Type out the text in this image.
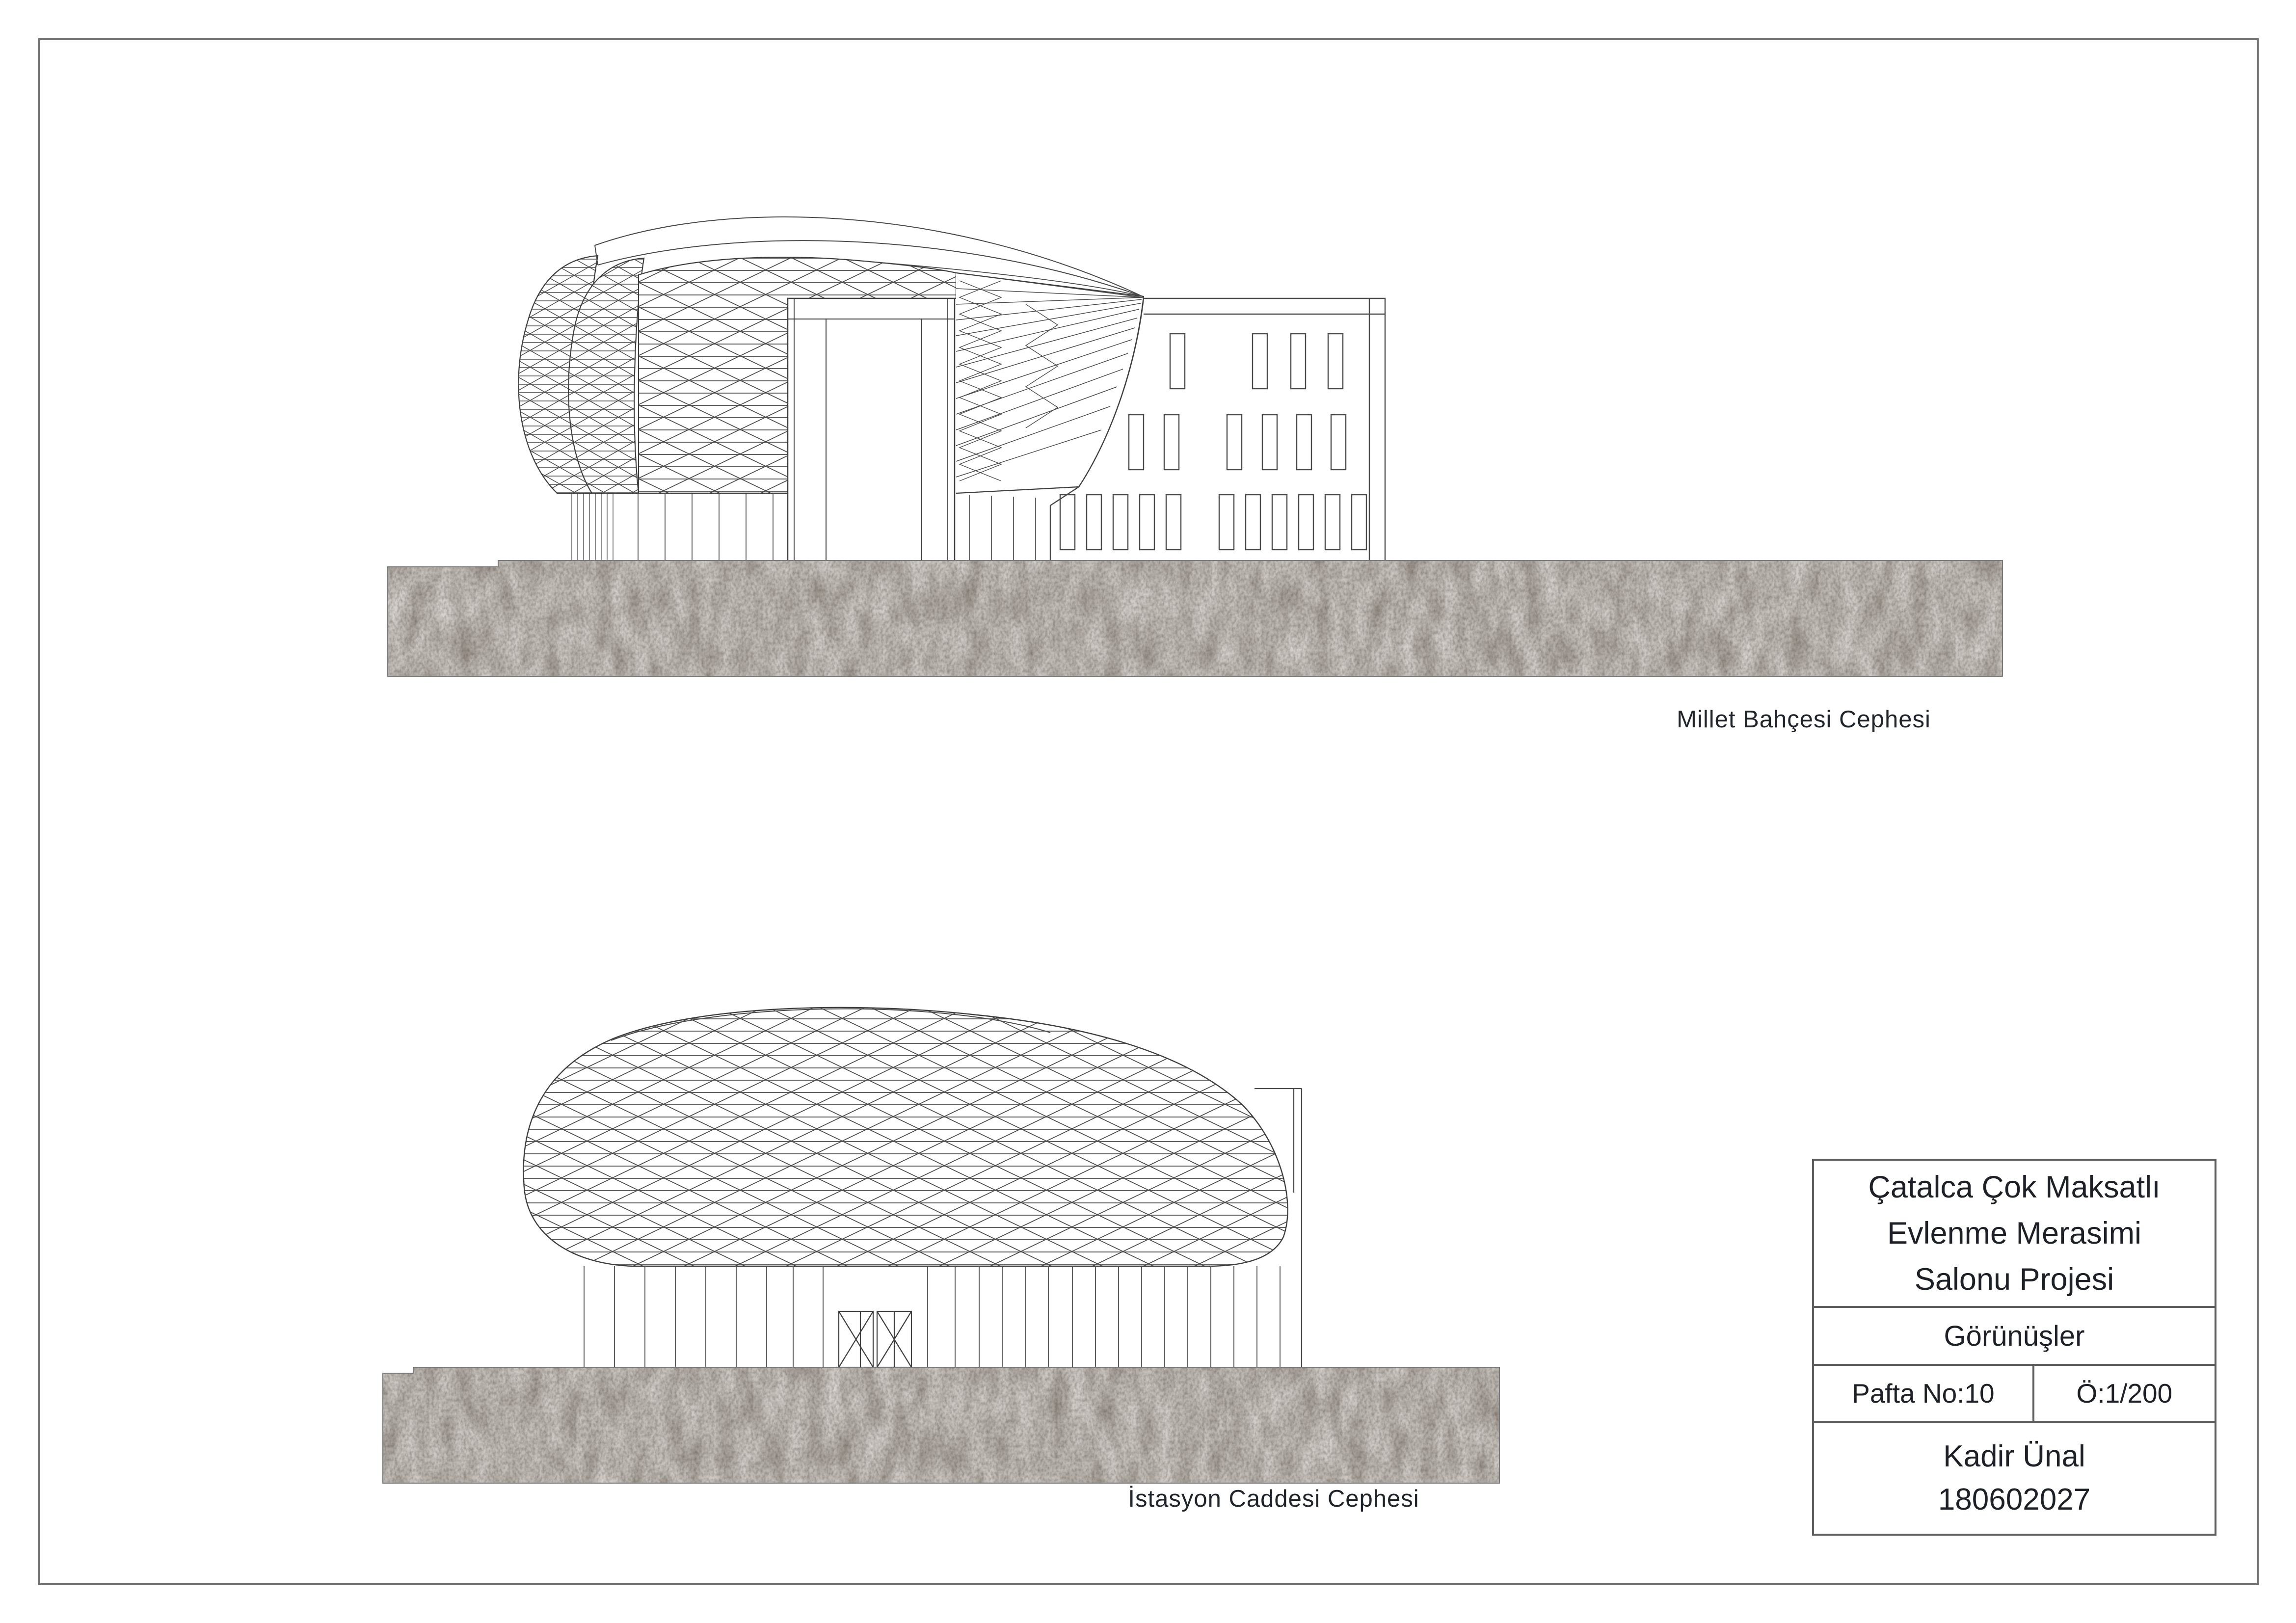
Millet Bahçesi Cephesi
İstasyon Caddesi Cephesi
Çatalca Çok Maksatlı
Evlenme Merasimi
Salonu Projesi
Görünüşler
Pafta No:10	Ö:1/200
Kadir Ünal
180602027
